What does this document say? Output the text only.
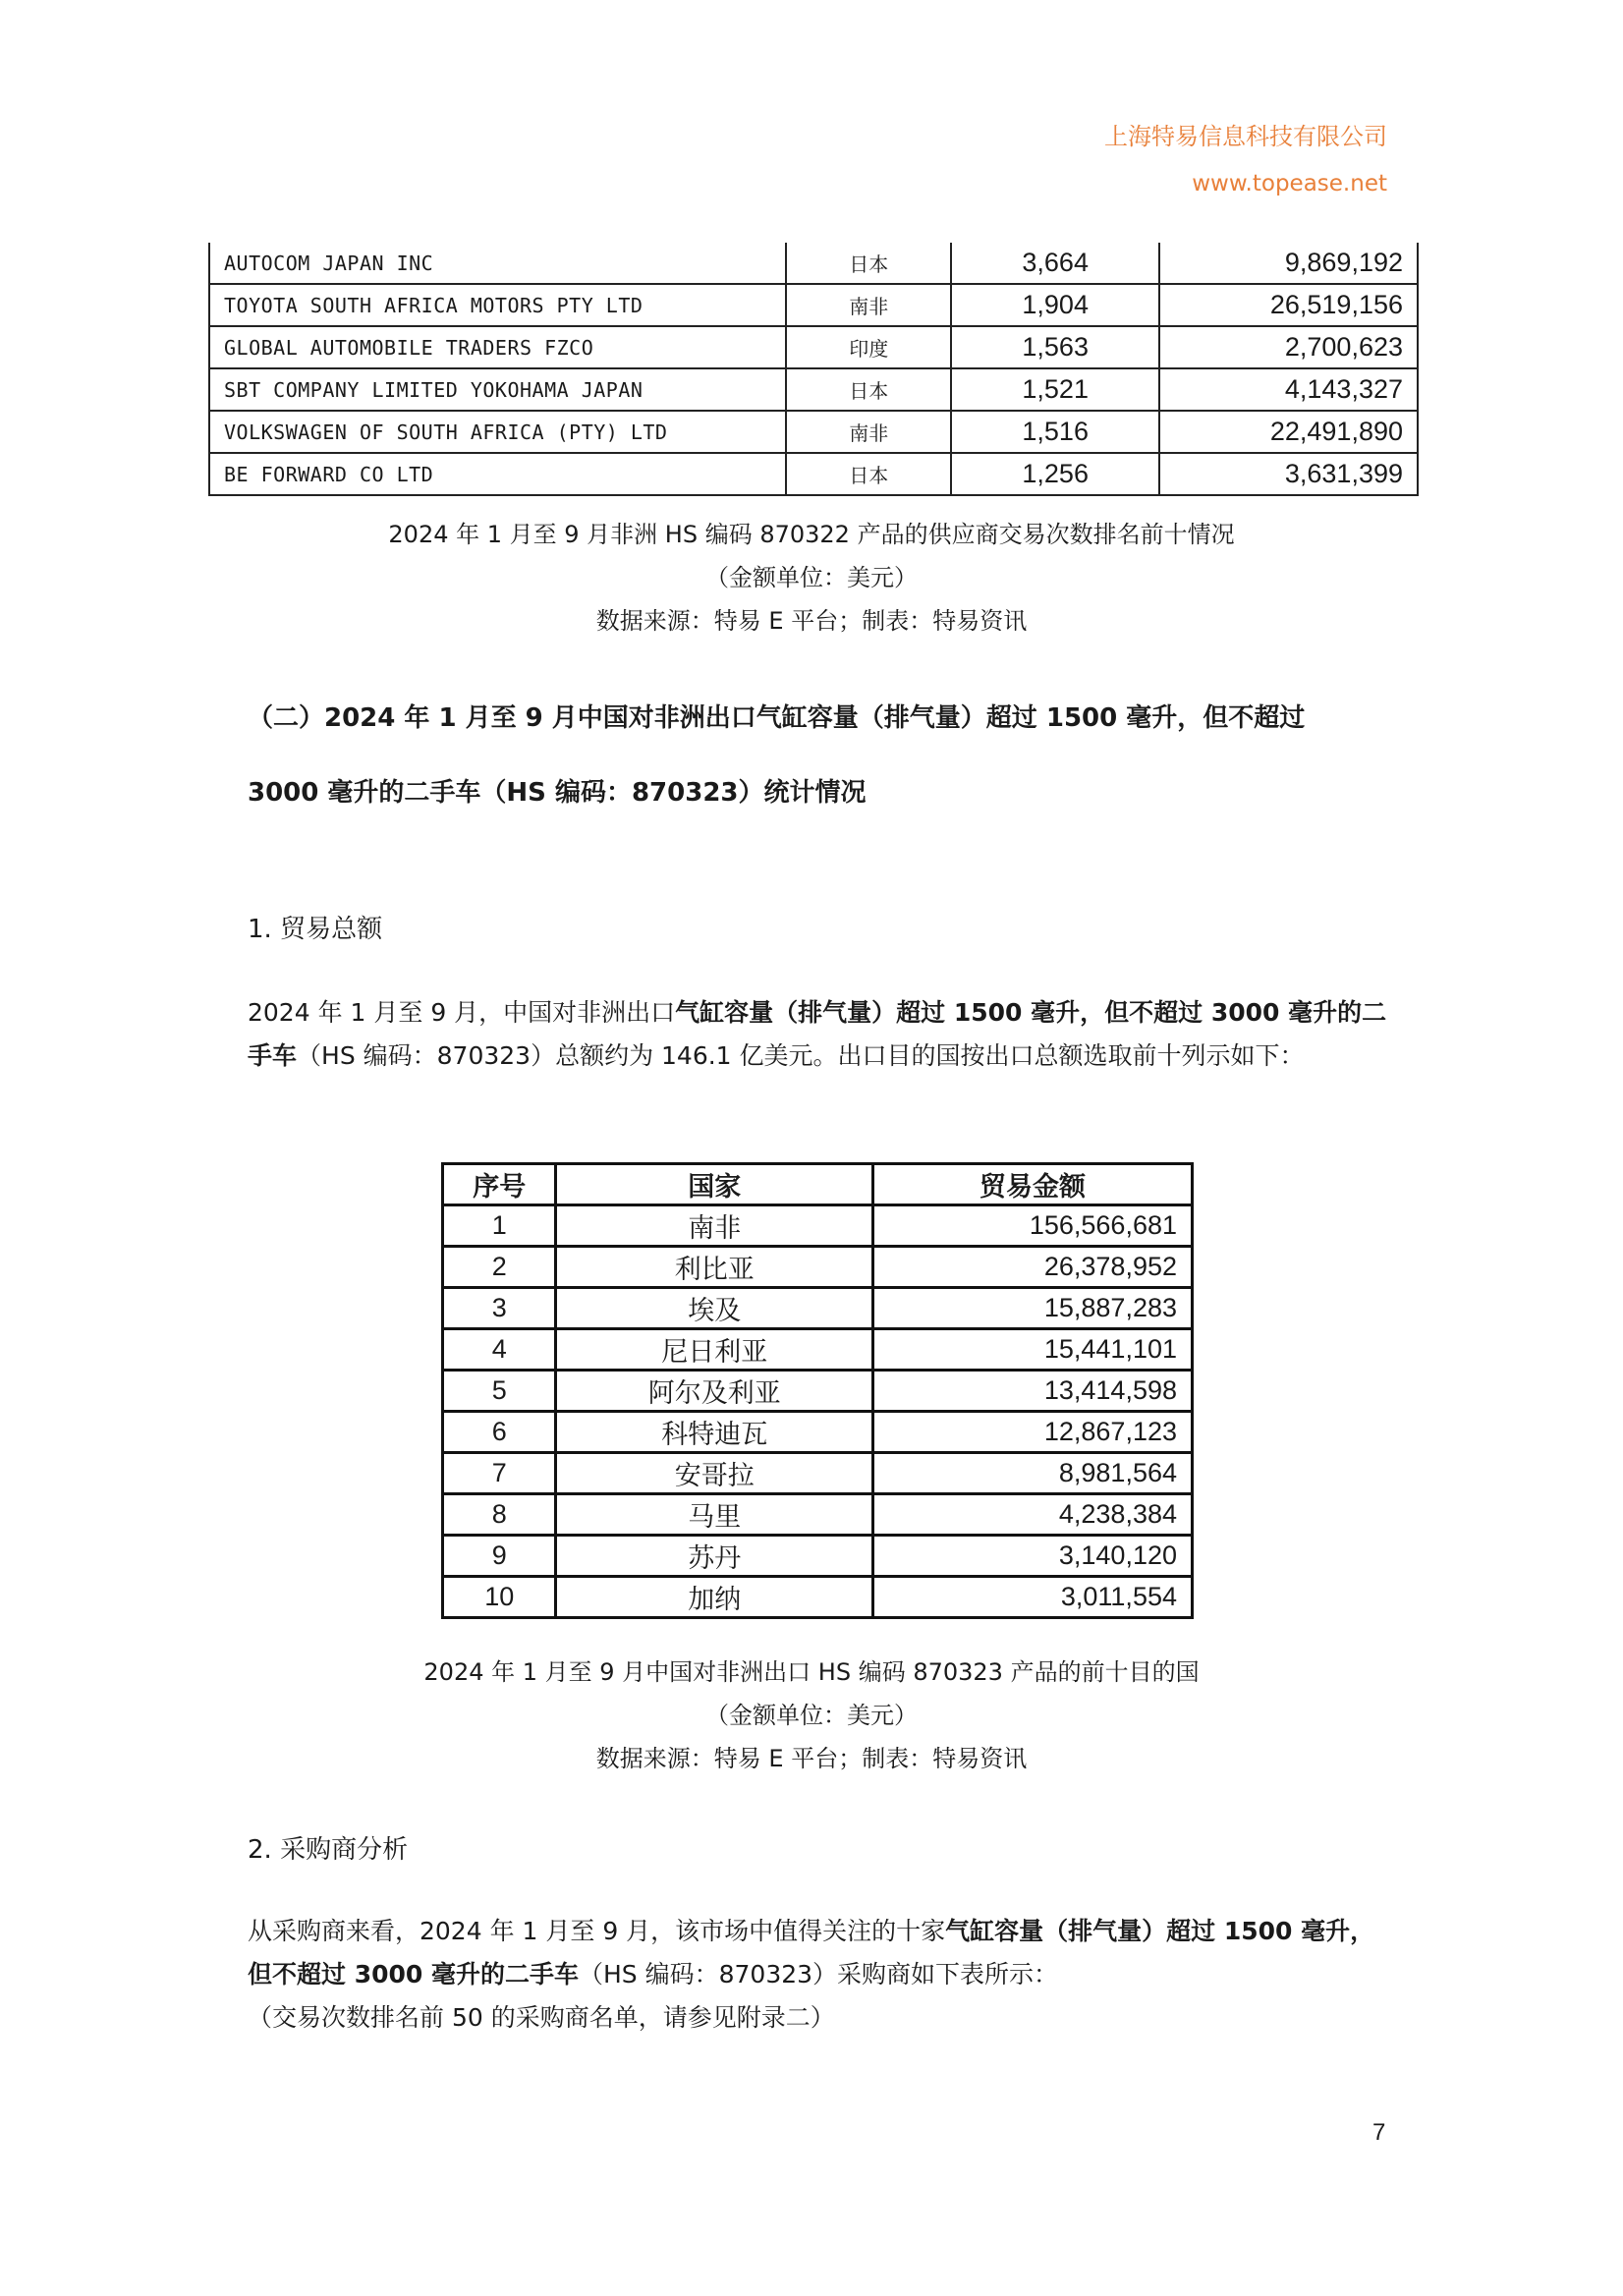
上海特易信息科技有限公司
www.topease.net
AUTOCOM JAPAN INC	日本	3,664	9,869,192
TOYOTA SOUTH AFRICA MOTORS PTY LTD	南非	1,904	26,519,156
GLOBAL AUTOMOBILE TRADERS FZCO	印度	1,563	2,700,623
SBT COMPANY LIMITED YOKOHAMA JAPAN	日本	1,521	4,143,327
VOLKSWAGEN OF SOUTH AFRICA (PTY) LTD	南非	1,516	22,491,890
BE FORWARD CO LTD	日本	1,256	3,631,399
2024 年 1 月至 9 月非洲 HS 编码 870322 产品的供应商交易次数排名前十情况
（金额单位：美元）
数据来源：特易 E 平台；制表：特易资讯
（二）2024 年 1 月至 9 月中国对非洲出口气缸容量（排气量）超过 1500 毫升，但不超过
3000 毫升的二手车（HS 编码：870323）统计情况
1. 贸易总额
2024 年 1 月至 9 月，中国对非洲出口气缸容量（排气量）超过 1500 毫升，但不超过 3000 毫升的二手车（HS 编码：870323）总额约为 146.1 亿美元。出口目的国按出口总额选取前十列示如下：
序号	国家	贸易金额
1	南非	156,566,681
2	利比亚	26,378,952
3	埃及	15,887,283
4	尼日利亚	15,441,101
5	阿尔及利亚	13,414,598
6	科特迪瓦	12,867,123
7	安哥拉	8,981,564
8	马里	4,238,384
9	苏丹	3,140,120
10	加纳	3,011,554
2024 年 1 月至 9 月中国对非洲出口 HS 编码 870323 产品的前十目的国
（金额单位：美元）
数据来源：特易 E 平台；制表：特易资讯
2. 采购商分析
从采购商来看，2024 年 1 月至 9 月，该市场中值得关注的十家气缸容量（排气量）超过 1500 毫升，但不超过 3000 毫升的二手车（HS 编码：870323）采购商如下表所示：
（交易次数排名前 50 的采购商名单，请参见附录二）
7
